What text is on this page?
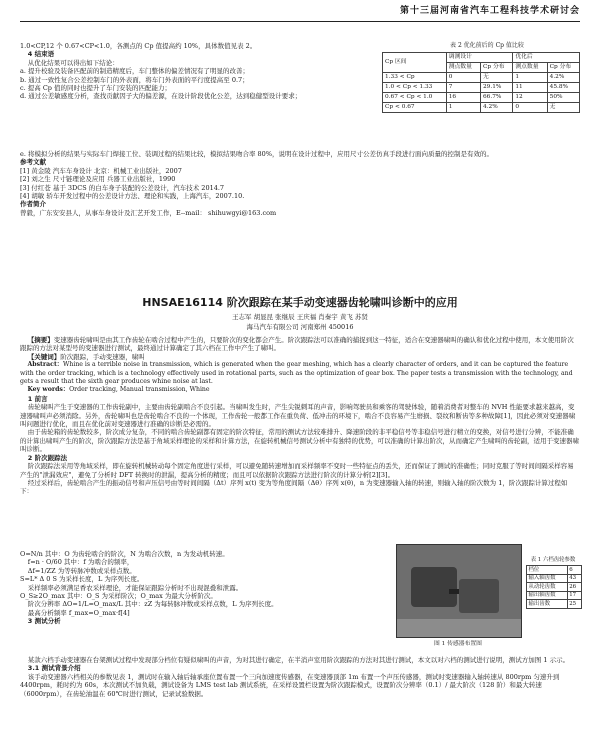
第十三届河南省汽车工程科技学术研讨会

1.0<CP,12 个 0.67<CP<1.0，各测点的 Cp 值提高约 10%，具体数值见表 2。

4 结束语

从优化结果可以得出如下结论：

a. 提升校验及装备匹配前的制造精度后，车门整体的偏差情况有了明显的改善；

b. 通过一致性复合公差控制车门的外表面，将车门外表面的平行度提高至 0.7；

c. 提高 Cp 值的同时也提升了车门安装的匹配能力；

d. 通过公差敏感度分析，查找贡献因子大的偏差源，在设计阶段优化公差，达到稳健型设计要求；

表 2 优化前后的 Cp 值比较
Cp 区间	调测设计		优化后	
	测点数量	Cp 分布	测点数量	Cp 分布
1.33 < Cp	0	无	1	4.2%
1.0 < Cp < 1.33	7	29.1%	11	45.8%
0.67 < Cp < 1.0	16	66.7%	12	50%
Cp < 0.67	1	4.2%	0	无

e. 将模拟分析的结果与实际车门焊接工位、装调过程的结果比较，模拟结果吻合率 80%，说明在设计过程中，应用尺寸公差仿真手段进行面向质量的控制是有效的。

参考文献

[1] 黄金陵 汽车车身设计 北京：机械工业出版社，2007

[2] 刘之生 尺寸链理论及应用 兵器工业出版社，1990

[3] 付红苍 基于 3DCS 的白车身子装配的公差设计，汽车技术 2014.7

[4] 胡敏 轿车开发过程中的公差设计方法、理论和实践，上海汽车，2007.10.

作者简介

曾毅，广东安安县人，从事车身设计及汇艺开发工作，E--mail： shihuwgyi@163.com

HNSAE16114 阶次跟踪在某手动变速器齿轮啸叫诊断中的应用
王志军 胡显昆 张继辰 王庆福 肖秦宇 黄飞 苏贤
海马汽车有限公司 河南郑州 450016

【摘要】变速器齿轮啸叫是由其工作齿轮在啮合过程中产生的，只要阶次的变化都会产生。阶次跟踪法可以准确的捕捉到这一特征，适合在变速器啸叫的确认和优化过程中使用，本文使用阶次跟踪的方法对某型号的变速器进行测试，最终通过计算确定了其六档在工作中产生了啸叫。

【关键词】阶次跟踪，手动变速器，啸叫

Abstract：Whine is a terrible noise in transmission, which is generated when the gear meshing, which has a clearly character of orders, and it can be captured the feature with the order tracking, which is a technology effectively used in rotational parts, such as the optimization of gear box. The paper tests a transmission with the technology, and gets a result that the sixth gear produces whine noise at last.

Key words：Order tracking, Manual transmission, Whine

1 前言

齿轮啸叫产生于变速器的工作齿轮副中，主要由齿轮副啮合不良引起。当啸叫发生时，产生尖锐刺耳的声音，影响驾驶员和乘客的驾驶体验，随着消费者对整车的 NVH 性能要求越来越高，变速器啸叫声必须消除。另外，齿轮啸叫也是齿轮啮合不良的一个体现，工作齿轮一般都工作在重负荷、低冲击的环境下，啮合不良容易产生磨损、裂纹和断齿等多种故障[1]，因此必须对变速器啸叫问题进行优化，而且在优化前对变速器进行准确的诊断是必需的。

由于齿轮箱的齿轮数较多，阶次成分复杂，不同的啮合齿轮副都有固定的阶次特征，常用的测试方法较难排升、降速阶段的非平稳信号等非稳信号进行精立的变换，对信号进行分辨，不能准确的计算出啸叫产生的阶次，阶次跟踪方法是基于角域采样理论的采样和计算方法，在旋转机械信号测试分析中有独特的优势，可以准确的计算出阶次，从而确定产生啸叫的齿轮副，适用于变速器啸叫诊断。

2 阶次跟踪法

阶次跟踪法采用等角域采样，即在旋转机械转动每个固定角度进行采样，可以避免随转速增加而采样频率不变时一些特征点的丢失，还而保证了测试的准确性；同时克服了等时间间隔采样容易产生的"泄漏效应"，避免了分析时 DFT 转换时的泄漏，提高分析的精度；而且可以依据阶次跟踪方法进行阶次的计算分析[2][3]。

经过采样后，齿轮啮合产生的振动信号和声压信号由等时间间隔（Δt）序列 x(t) 变为等角度间隔（Δθ）序列 x(θ)，n 为变速器输入轴的转速，则输入轴的阶次数为 1，阶次跟踪计算过程如下：

O=N/n 其中：O 为齿轮啮合的阶次，N 为啮合次数，n 为发动机转速。

f=n · O/60 其中：f 为啮合的频率，

Δf=1/ZZ 为等转脉冲数或采样点数。

S=L* Δ 0 S 为采样长度，L 为序列长度。

采样频率必须满足香农采样理论，才能保证跟踪分析时不出现混叠和泄露。

O_S≥2O_max 其中：O_S 为采样阶次；O_max 为最大分析阶次。

阶次分辨率 ΔO=1/L=O_max/L 其中：zZ 为每转脉冲数或采样点数，L 为序列长度。

最高分析频率 f_max=O_max·f[4]

3 测试分析

图 1 传感器布置图
表 1 六档齿轮参数
档位	6
输入轴齿数	43
从动轮齿数	26
输出轴齿数	17
输出齿数	25

某款六档手动变速器在台架测试过程中发现部分档位有疑似啸叫的声音，为对其进行确定，在半消声室用阶次跟踪的方法对其进行测试，本文以对六档的测试进行说明，测试方加图 1 示示。

3.1 测试背景介绍

该手动变速器六档相关的参数见表 1，测试时在输入轴后轴承座位置布置一个三向加速度传感器，在变速器顶部 1m 布置一个声压传感器，测试时变速器输入轴转速从 800rpm 匀速升到 4400rpm，耗时约为 60s，本次测试不加负载，测试设备为 LMS test lab 测试系统，在采样设置栏设置为阶次跟踪模式，设置阶次分辨率（0.1）/ 最大阶次（128 阶）和最大转速（6000rpm），在齿轮油温在 60℃时进行测试，记录试验数据。
